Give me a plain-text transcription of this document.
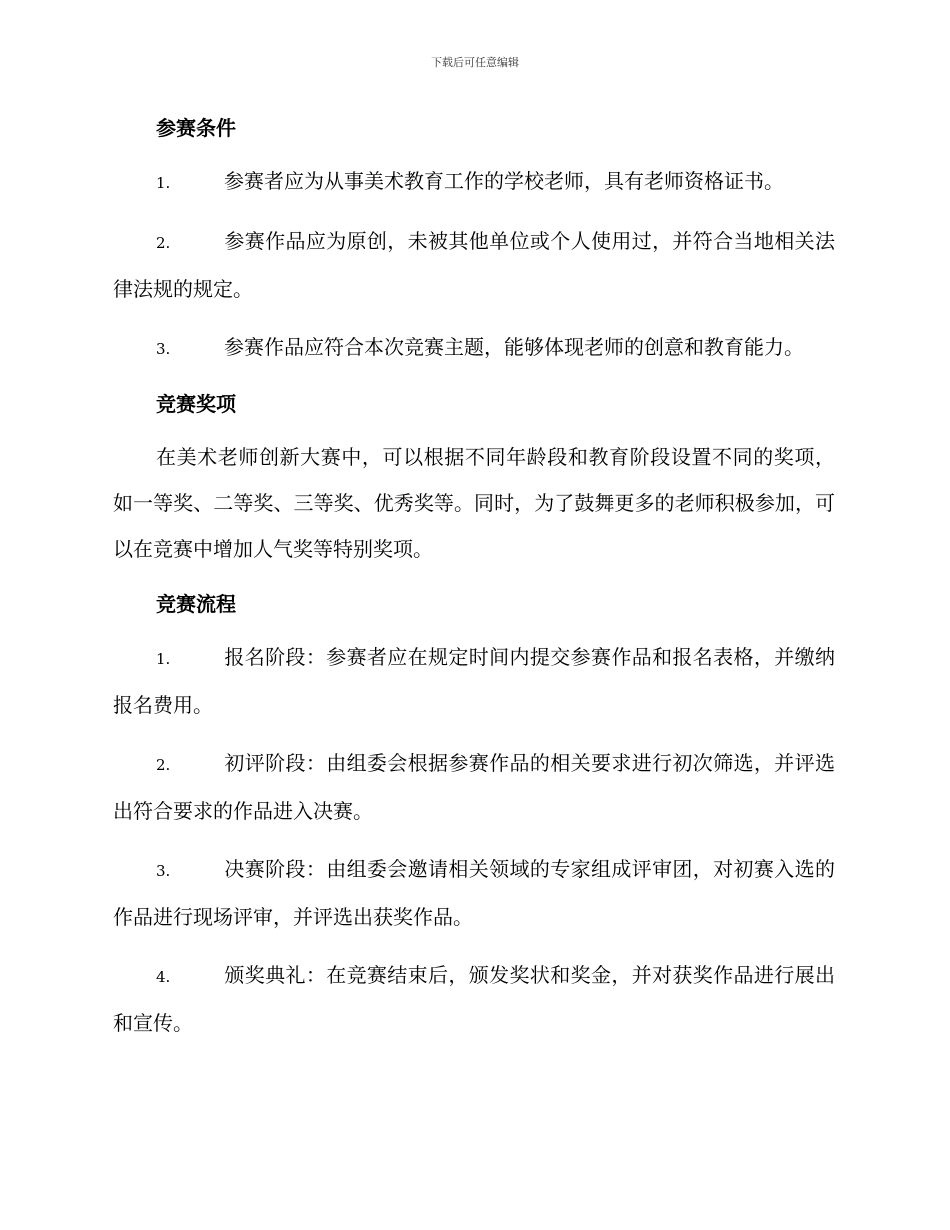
下载后可任意编辑
参赛条件

1.	参赛者应为从事美术教育工作的学校老师，具有老师资格证书。

2.	参赛作品应为原创，未被其他单位或个人使用过，并符合当地相关法律法规的规定。

3.	参赛作品应符合本次竞赛主题，能够体现老师的创意和教育能力。

竞赛奖项

在美术老师创新大赛中，可以根据不同年龄段和教育阶段设置不同的奖项，如一等奖、二等奖、三等奖、优秀奖等。同时，为了鼓舞更多的老师积极参加，可以在竞赛中增加人气奖等特别奖项。

竞赛流程

1.	报名阶段：参赛者应在规定时间内提交参赛作品和报名表格，并缴纳报名费用。

2.	初评阶段：由组委会根据参赛作品的相关要求进行初次筛选，并评选出符合要求的作品进入决赛。

3.	决赛阶段：由组委会邀请相关领域的专家组成评审团，对初赛入选的作品进行现场评审，并评选出获奖作品。

4.	颁奖典礼：在竞赛结束后，颁发奖状和奖金，并对获奖作品进行展出和宣传。
